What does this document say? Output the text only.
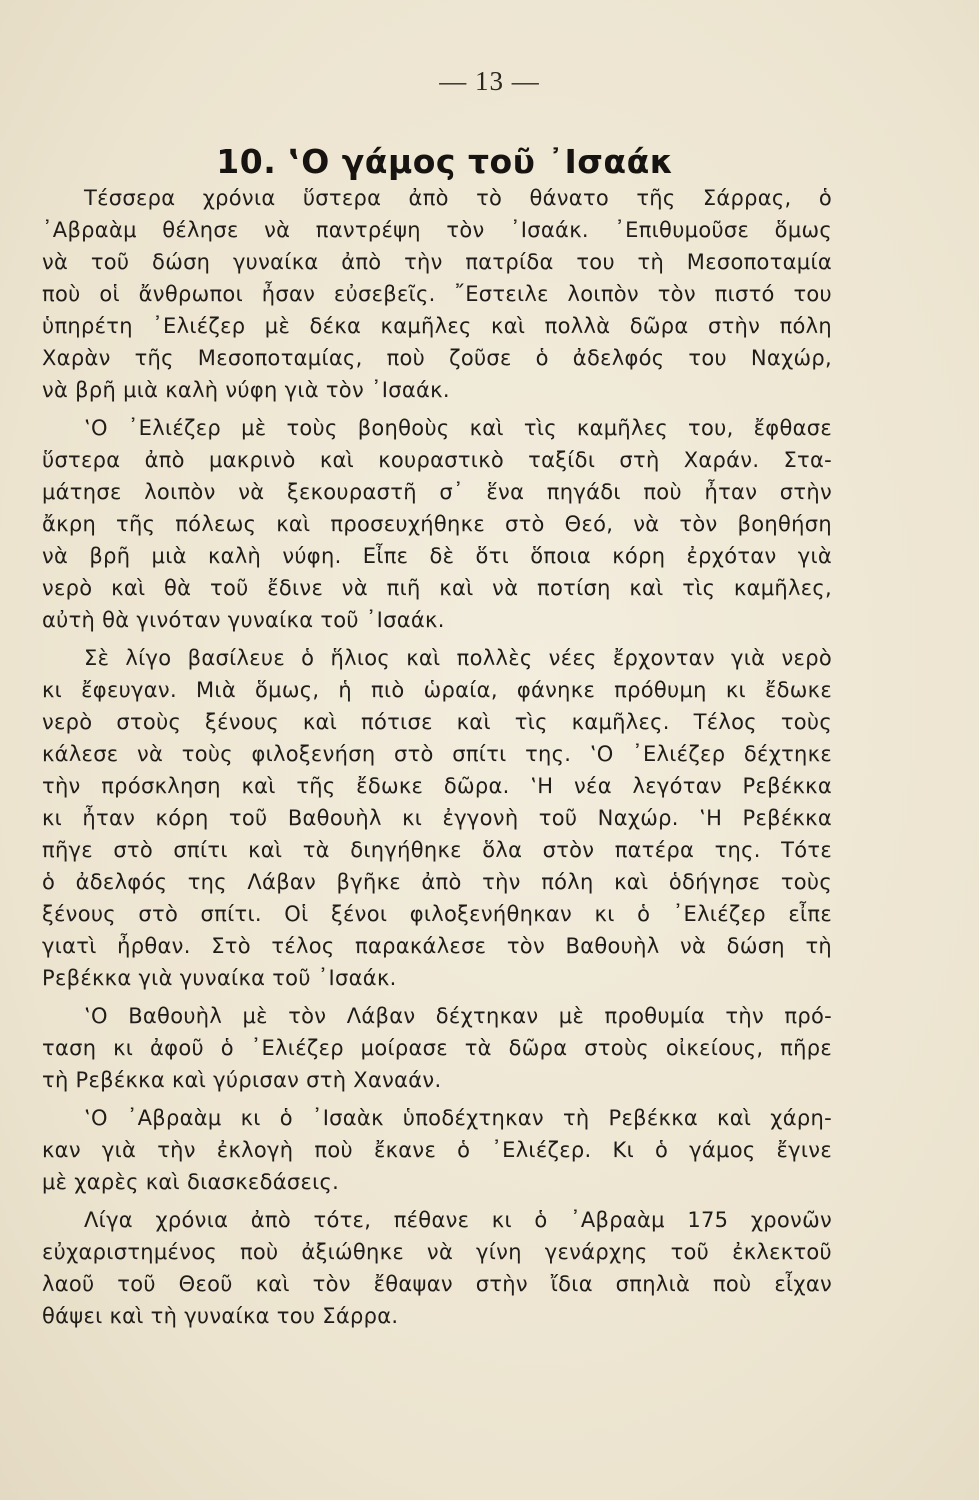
— 13 —
10. ‛Ο γάμος τοῦ ᾿Ισαάκ
Τέσσερα χρόνια ὕστερα ἀπὸ τὸ θάνατο τῆς Σάρρας, ὁ
᾿Αβραὰμ θέλησε νὰ παντρέψη τὸν ᾿Ισαάκ. ᾿Επιθυμοῦσε ὅμως
νὰ τοῦ δώση γυναίκα ἀπὸ τὴν πατρίδα του τὴ Μεσοποταμία
ποὺ οἱ ἄνθρωποι ἦσαν εὐσεβεῖς. ῎Εστειλε λοιπὸν τὸν πιστό του
ὑπηρέτη ᾿Ελιέζερ μὲ δέκα καμῆλες καὶ πολλὰ δῶρα στὴν πόλη
Χαρὰν τῆς Μεσοποταμίας, ποὺ ζοῦσε ὁ ἀδελφός του Ναχώρ,
νὰ βρῆ μιὰ καλὴ νύφη γιὰ τὸν ᾿Ισαάκ.
‛Ο ᾿Ελιέζερ μὲ τοὺς βοηθοὺς καὶ τὶς καμῆλες του, ἔφθασε
ὕστερα ἀπὸ μακρινὸ καὶ κουραστικὸ ταξίδι στὴ Χαράν. Στα-
μάτησε λοιπὸν νὰ ξεκουραστῆ σ᾿ ἕνα πηγάδι ποὺ ἦταν στὴν
ἄκρη τῆς πόλεως καὶ προσευχήθηκε στὸ Θεό, νὰ τὸν βοηθήση
νὰ βρῆ μιὰ καλὴ νύφη. Εἶπε δὲ ὅτι ὅποια κόρη ἐρχόταν γιὰ
νερὸ καὶ θὰ τοῦ ἔδινε νὰ πιῆ καὶ νὰ ποτίση καὶ τὶς καμῆλες,
αὐτὴ θὰ γινόταν γυναίκα τοῦ ᾿Ισαάκ.
Σὲ λίγο βασίλευε ὁ ἥλιος καὶ πολλὲς νέες ἔρχονταν γιὰ νερὸ
κι ἔφευγαν. Μιὰ ὅμως, ἡ πιὸ ὡραία, φάνηκε πρόθυμη κι ἔδωκε
νερὸ στοὺς ξένους καὶ πότισε καὶ τὶς καμῆλες. Τέλος τοὺς
κάλεσε νὰ τοὺς φιλοξενήση στὸ σπίτι της. ‛Ο ᾿Ελιέζερ δέχτηκε
τὴν πρόσκληση καὶ τῆς ἔδωκε δῶρα. ‛Η νέα λεγόταν Ρεβέκκα
κι ἦταν κόρη τοῦ Βαθουὴλ κι ἐγγονὴ τοῦ Ναχώρ. ‛Η Ρεβέκκα
πῆγε στὸ σπίτι καὶ τὰ διηγήθηκε ὅλα στὸν πατέρα της. Τότε
ὁ ἀδελφός της Λάβαν βγῆκε ἀπὸ τὴν πόλη καὶ ὁδήγησε τοὺς
ξένους στὸ σπίτι. Οἱ ξένοι φιλοξενήθηκαν κι ὁ ᾿Ελιέζερ εἶπε
γιατὶ ἦρθαν. Στὸ τέλος παρακάλεσε τὸν Βαθουὴλ νὰ δώση τὴ
Ρεβέκκα γιὰ γυναίκα τοῦ ᾿Ισαάκ.
‛Ο Βαθουὴλ μὲ τὸν Λάβαν δέχτηκαν μὲ προθυμία τὴν πρό-
ταση κι ἀφοῦ ὁ ᾿Ελιέζερ μοίρασε τὰ δῶρα στοὺς οἰκείους, πῆρε
τὴ Ρεβέκκα καὶ γύρισαν στὴ Χαναάν.
‛Ο ᾿Αβραὰμ κι ὁ ᾿Ισαὰκ ὑποδέχτηκαν τὴ Ρεβέκκα καὶ χάρη-
καν γιὰ τὴν ἐκλογὴ ποὺ ἔκανε ὁ ᾿Ελιέζερ. Κι ὁ γάμος ἔγινε
μὲ χαρὲς καὶ διασκεδάσεις.
Λίγα χρόνια ἀπὸ τότε, πέθανε κι ὁ ᾿Αβραὰμ 175 χρονῶν
εὐχαριστημένος ποὺ ἀξιώθηκε νὰ γίνη γενάρχης τοῦ ἐκλεκτοῦ
λαοῦ τοῦ Θεοῦ καὶ τὸν ἔθαψαν στὴν ἴδια σπηλιὰ ποὺ εἶχαν
θάψει καὶ τὴ γυναίκα του Σάρρα.
